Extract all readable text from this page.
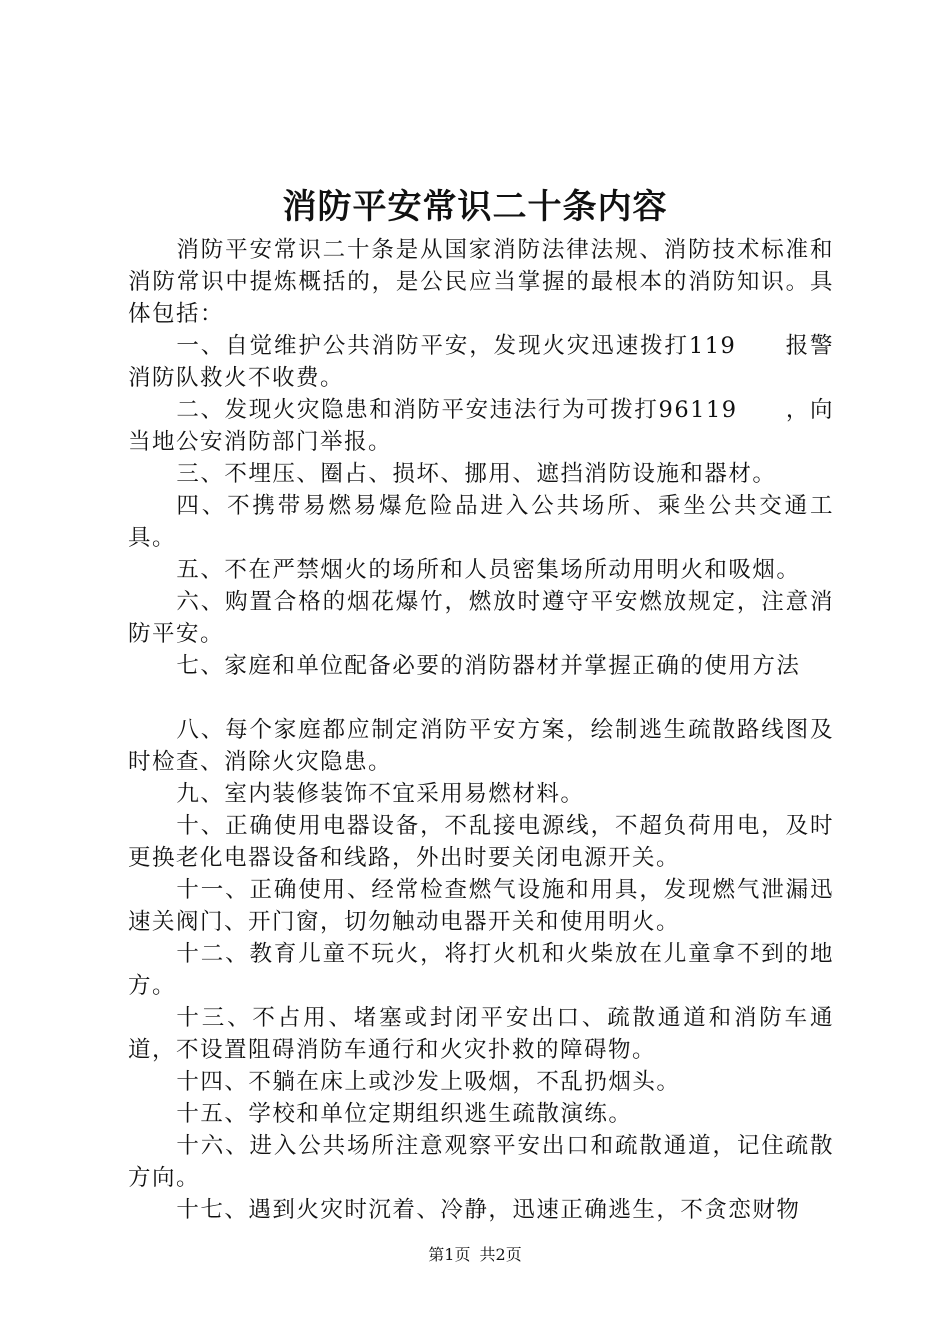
消防平安常识二十条内容

消防平安常识二十条是从国家消防法律法规、消防技术标准和消防常识中提炼概括的，是公民应当掌握的最根本的消防知识。具体包括：

一、自觉维护公共消防平安，发现火灾迅速拨打119　　报警消防队救火不收费。

二、发现火灾隐患和消防平安违法行为可拨打96119　　，向当地公安消防部门举报。

三、不埋压、圈占、损坏、挪用、遮挡消防设施和器材。

四、不携带易燃易爆危险品进入公共场所、乘坐公共交通工具。

五、不在严禁烟火的场所和人员密集场所动用明火和吸烟。

六、购置合格的烟花爆竹，燃放时遵守平安燃放规定，注意消防平安。

七、家庭和单位配备必要的消防器材并掌握正确的使用方法

八、每个家庭都应制定消防平安方案，绘制逃生疏散路线图及时检查、消除火灾隐患。

九、室内装修装饰不宜采用易燃材料。

十、正确使用电器设备，不乱接电源线，不超负荷用电，及时更换老化电器设备和线路，外出时要关闭电源开关。

十一、正确使用、经常检查燃气设施和用具，发现燃气泄漏迅速关阀门、开门窗，切勿触动电器开关和使用明火。

十二、教育儿童不玩火，将打火机和火柴放在儿童拿不到的地方。

十三、不占用、堵塞或封闭平安出口、疏散通道和消防车通道，不设置阻碍消防车通行和火灾扑救的障碍物。

十四、不躺在床上或沙发上吸烟，不乱扔烟头。

十五、学校和单位定期组织逃生疏散演练。

十六、进入公共场所注意观察平安出口和疏散通道，记住疏散方向。

十七、遇到火灾时沉着、冷静，迅速正确逃生，不贪恋财物

第1页 共2页
